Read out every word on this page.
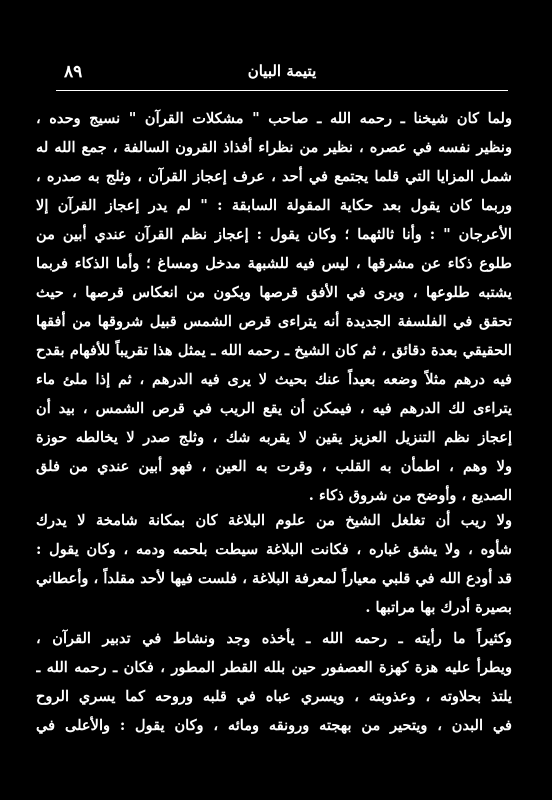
٨٩	يتيمة البيان
ولما كان شيخنا ـ رحمه الله ـ صاحب " مشكلات القرآن " نسيج وحده ،
ونظير نفسه في عصره ، نظير من نظراء أفذاذ القرون السالفة ، جمع الله له
شمل المزايا التي قلما يجتمع في أحد ، عرف إعجاز القرآن ، وثلج به صدره ،
وربما كان يقول بعد حكاية المقولة السابقة : " لم يدر إعجاز القرآن إلا
الأعرجان " : وأنا ثالثهما ؛ وكان يقول : إعجاز نظم القرآن عندي أبين من
طلوع ذكاء عن مشرقها ، ليس فيه للشبهة مدخل ومساغ ؛ وأما الذكاء فربما
يشتبه طلوعها ، ويرى في الأفق قرصها ويكون من انعكاس قرصها ، حيث
تحقق في الفلسفة الجديدة أنه يتراءى قرص الشمس قبيل شروقها من أفقها
الحقيقي بعدة دقائق ، ثم كان الشيخ ـ رحمه الله ـ يمثل هذا تقريباً للأفهام بقدح
فيه درهم مثلاً وضعه بعيداً عنك بحيث لا يرى فيه الدرهم ، ثم إذا ملئ ماء
يتراءى لك الدرهم فيه ، فيمكن أن يقع الريب في قرص الشمس ، بيد أن
إعجاز نظم التنزيل العزيز يقين لا يقربه شك ، وثلج صدر لا يخالطه حوزة
ولا وهم ، اطمأن به القلب ، وقرت به العين ، فهو أبين عندي من فلق
الصديع ، وأوضح من شروق ذكاء .
ولا ريب أن تغلغل الشيخ من علوم البلاغة كان بمكانة شامخة لا يدرك
شأوه ، ولا يشق غباره ، فكانت البلاغة سيطت بلحمه ودمه ، وكان يقول :
قد أودع الله في قلبي معياراً لمعرفة البلاغة ، فلست فيها لأحد مقلداً ، وأعطاني
بصيرة أدرك بها مراتبها .
وكثيراً ما رأيته ـ رحمه الله ـ يأخذه وجد ونشاط في تدبير القرآن ،
ويطرأ عليه هزة كهزة العصفور حين بلله القطر المطور ، فكان ـ رحمه الله ـ
يلتذ بحلاوته ، وعذوبته ، ويسري عباه في قلبه وروحه كما يسري الروح
في البدن ، ويتحير من بهجته ورونقه ومائه ، وكان يقول : والأعلى في
